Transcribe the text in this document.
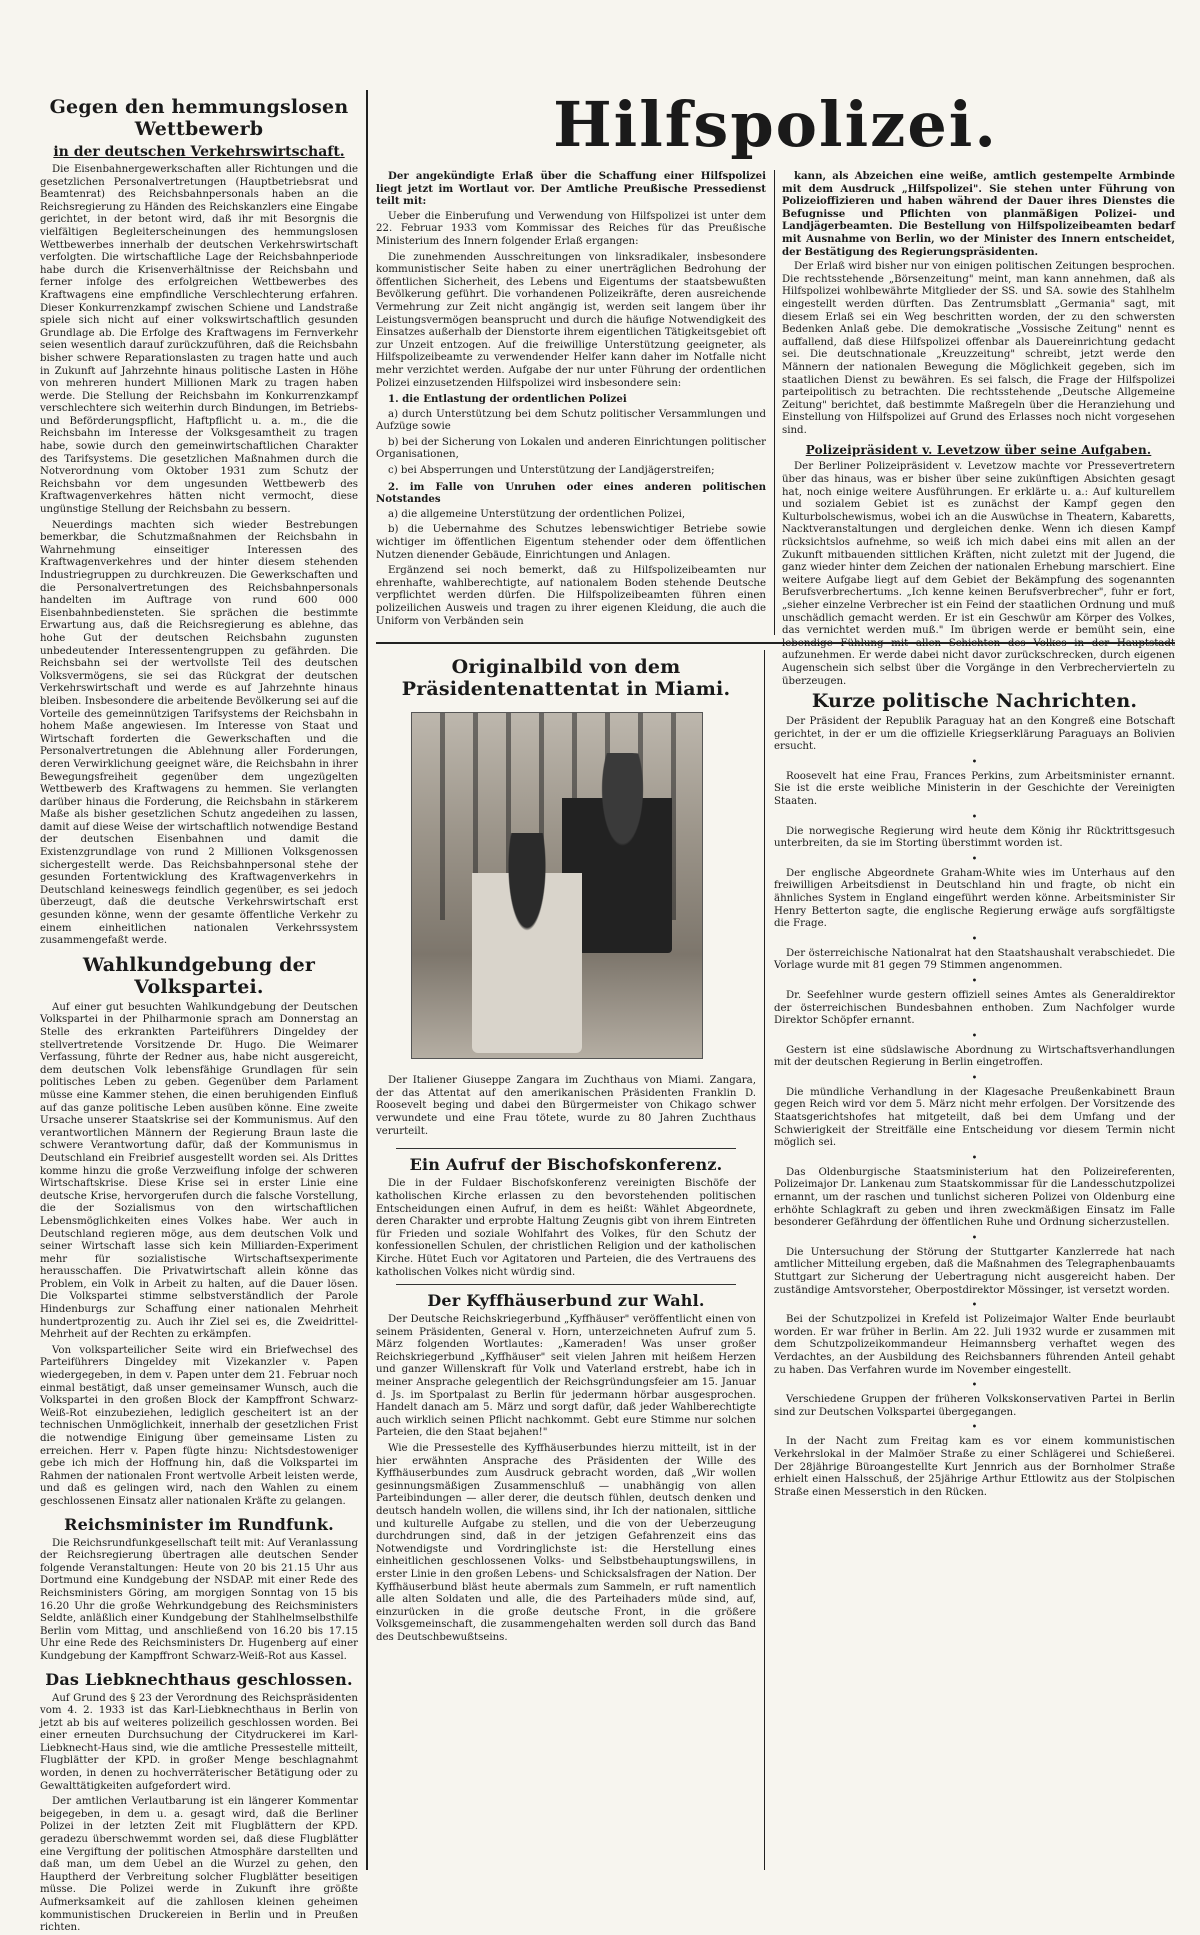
Gegen den hemmungslosen Wettbewerb
in der deutschen Verkehrswirtschaft.

Die Eisenbahnergewerkschaften aller Richtungen und die gesetzlichen Personalvertretungen (Hauptbetriebsrat und Beamtenrat) des Reichsbahnpersonals haben an die Reichsregierung zu Händen des Reichskanzlers eine Eingabe gerichtet, in der betont wird, daß ihr mit Besorgnis die vielfältigen Begleiterscheinungen des hemmungslosen Wettbewerbes innerhalb der deutschen Verkehrswirtschaft verfolgten. Die wirtschaftliche Lage der Reichsbahnperiode habe durch die Krisenverhältnisse der Reichsbahn und ferner infolge des erfolgreichen Wettbewerbes des Kraftwagens eine empfindliche Verschlechterung erfahren. Dieser Konkurrenzkampf zwischen Schiene und Landstraße spiele sich nicht auf einer volkswirtschaftlich gesunden Grundlage ab. Die Erfolge des Kraftwagens im Fernverkehr seien wesentlich darauf zurückzuführen, daß die Reichsbahn bisher schwere Reparationslasten zu tragen hatte und auch in Zukunft auf Jahrzehnte hinaus politische Lasten in Höhe von mehreren hundert Millionen Mark zu tragen haben werde. Die Stellung der Reichsbahn im Konkurrenzkampf verschlechtere sich weiterhin durch Bindungen, im Betriebs- und Beförderungspflicht, Haftpflicht u. a. m., die die Reichsbahn im Interesse der Volksgesamtheit zu tragen habe, sowie durch den gemeinwirtschaftlichen Charakter des Tarifsystems. Die gesetzlichen Maßnahmen durch die Notverordnung vom Oktober 1931 zum Schutz der Reichsbahn vor dem ungesunden Wettbewerb des Kraftwagenverkehres hätten nicht vermocht, diese ungünstige Stellung der Reichsbahn zu bessern.

Neuerdings machten sich wieder Bestrebungen bemerkbar, die Schutzmaßnahmen der Reichsbahn in Wahrnehmung einseitiger Interessen des Kraftwagenverkehres und der hinter diesem stehenden Industriegruppen zu durchkreuzen. Die Gewerkschaften und die Personalvertretungen des Reichsbahnpersonals handelten im Auftrage von rund 600 000 Eisenbahnbediensteten. Sie sprächen die bestimmte Erwartung aus, daß die Reichsregierung es ablehne, das hohe Gut der deutschen Reichsbahn zugunsten unbedeutender Interessentengruppen zu gefährden. Die Reichsbahn sei der wertvollste Teil des deutschen Volksvermögens, sie sei das Rückgrat der deutschen Verkehrswirtschaft und werde es auf Jahrzehnte hinaus bleiben. Insbesondere die arbeitende Bevölkerung sei auf die Vorteile des gemeinnützigen Tarifsystems der Reichsbahn in hohem Maße angewiesen. Im Interesse von Staat und Wirtschaft forderten die Gewerkschaften und die Personalvertretungen die Ablehnung aller Forderungen, deren Verwirklichung geeignet wäre, die Reichsbahn in ihrer Bewegungsfreiheit gegenüber dem ungezügelten Wettbewerb des Kraftwagens zu hemmen. Sie verlangten darüber hinaus die Forderung, die Reichsbahn in stärkerem Maße als bisher gesetzlichen Schutz angedeihen zu lassen, damit auf diese Weise der wirtschaftlich notwendige Bestand der deutschen Eisenbahnen und damit die Existenzgrundlage von rund 2 Millionen Volksgenossen sichergestellt werde. Das Reichsbahnpersonal stehe der gesunden Fortentwicklung des Kraftwagenverkehrs in Deutschland keineswegs feindlich gegenüber, es sei jedoch überzeugt, daß die deutsche Verkehrswirtschaft erst gesunden könne, wenn der gesamte öffentliche Verkehr zu einem einheitlichen nationalen Verkehrssystem zusammengefaßt werde.

Wahlkundgebung der Volkspartei.

Auf einer gut besuchten Wahlkundgebung der Deutschen Volkspartei in der Philharmonie sprach am Donnerstag an Stelle des erkrankten Parteiführers Dingeldey der stellvertretende Vorsitzende Dr. Hugo. Die Weimarer Verfassung, führte der Redner aus, habe nicht ausgereicht, dem deutschen Volk lebensfähige Grundlagen für sein politisches Leben zu geben. Gegenüber dem Parlament müsse eine Kammer stehen, die einen beruhigenden Einfluß auf das ganze politische Leben ausüben könne. Eine zweite Ursache unserer Staatskrise sei der Kommunismus. Auf den verantwortlichen Männern der Regierung Braun laste die schwere Verantwortung dafür, daß der Kommunismus in Deutschland ein Freibrief ausgestellt worden sei. Als Drittes komme hinzu die große Verzweiflung infolge der schweren Wirtschaftskrise. Diese Krise sei in erster Linie eine deutsche Krise, hervorgerufen durch die falsche Vorstellung, die der Sozialismus von den wirtschaftlichen Lebensmöglichkeiten eines Volkes habe. Wer auch in Deutschland regieren möge, aus dem deutschen Volk und seiner Wirtschaft lasse sich kein Milliarden-Experiment mehr für sozialistische Wirtschaftsexperimente herausschaffen. Die Privatwirtschaft allein könne das Problem, ein Volk in Arbeit zu halten, auf die Dauer lösen. Die Volkspartei stimme selbstverständlich der Parole Hindenburgs zur Schaffung einer nationalen Mehrheit hundertprozentig zu. Auch ihr Ziel sei es, die Zweidrittel-Mehrheit auf der Rechten zu erkämpfen.

Von volksparteilicher Seite wird ein Briefwechsel des Parteiführers Dingeldey mit Vizekanzler v. Papen wiedergegeben, in dem v. Papen unter dem 21. Februar noch einmal bestätigt, daß unser gemeinsamer Wunsch, auch die Volkspartei in den großen Block der Kampffront Schwarz-Weiß-Rot einzubeziehen, lediglich gescheitert ist an der technischen Unmöglichkeit, innerhalb der gesetzlichen Frist die notwendige Einigung über gemeinsame Listen zu erreichen. Herr v. Papen fügte hinzu: Nichtsdestoweniger gebe ich mich der Hoffnung hin, daß die Volkspartei im Rahmen der nationalen Front wertvolle Arbeit leisten werde, und daß es gelingen wird, nach den Wahlen zu einem geschlossenen Einsatz aller nationalen Kräfte zu gelangen.

Reichsminister im Rundfunk.

Die Reichsrundfunkgesellschaft teilt mit: Auf Veranlassung der Reichsregierung übertragen alle deutschen Sender folgende Veranstaltungen: Heute von 20 bis 21.15 Uhr aus Dortmund eine Kundgebung der NSDAP. mit einer Rede des Reichsministers Göring, am morgigen Sonntag von 15 bis 16.20 Uhr die große Wehrkundgebung des Reichsministers Seldte, anläßlich einer Kundgebung der Stahlhelmselbsthilfe Berlin vom Mittag, und anschließend von 16.20 bis 17.15 Uhr eine Rede des Reichsministers Dr. Hugenberg auf einer Kundgebung der Kampffront Schwarz-Weiß-Rot aus Kassel.

Das Liebknechthaus geschlossen.

Auf Grund des § 23 der Verordnung des Reichspräsidenten vom 4. 2. 1933 ist das Karl-Liebknechthaus in Berlin von jetzt ab bis auf weiteres polizeilich geschlossen worden. Bei einer erneuten Durchsuchung der Citydruckerei im Karl-Liebknecht-Haus sind, wie die amtliche Pressestelle mitteilt, Flugblätter der KPD. in großer Menge beschlagnahmt worden, in denen zu hochverräterischer Betätigung oder zu Gewalttätigkeiten aufgefordert wird.

Der amtlichen Verlautbarung ist ein längerer Kommentar beigegeben, in dem u. a. gesagt wird, daß die Berliner Polizei in der letzten Zeit mit Flugblättern der KPD. geradezu überschwemmt worden sei, daß diese Flugblätter eine Vergiftung der politischen Atmosphäre darstellten und daß man, um dem Uebel an die Wurzel zu gehen, den Hauptherd der Verbreitung solcher Flugblätter beseitigen müsse. Die Polizei werde in Zukunft ihre größte Aufmerksamkeit auf die zahllosen kleinen geheimen kommunistischen Druckereien in Berlin und in Preußen richten.

Hilfspolizei.

Der angekündigte Erlaß über die Schaffung einer Hilfspolizei liegt jetzt im Wortlaut vor. Der Amtliche Preußische Pressedienst teilt mit:

Ueber die Einberufung und Verwendung von Hilfspolizei ist unter dem 22. Februar 1933 vom Kommissar des Reiches für das Preußische Ministerium des Innern folgender Erlaß ergangen:

Die zunehmenden Ausschreitungen von linksradikaler, insbesondere kommunistischer Seite haben zu einer unerträglichen Bedrohung der öffentlichen Sicherheit, des Lebens und Eigentums der staatsbewußten Bevölkerung geführt. Die vorhandenen Polizeikräfte, deren ausreichende Vermehrung zur Zeit nicht angängig ist, werden seit langem über ihr Leistungsvermögen beansprucht und durch die häufige Notwendigkeit des Einsatzes außerhalb der Dienstorte ihrem eigentlichen Tätigkeitsgebiet oft zur Unzeit entzogen. Auf die freiwillige Unterstützung geeigneter, als Hilfspolizeibeamte zu verwendender Helfer kann daher im Notfalle nicht mehr verzichtet werden. Aufgabe der nur unter Führung der ordentlichen Polizei einzusetzenden Hilfspolizei wird insbesondere sein:

1. die Entlastung der ordentlichen Polizei

a) durch Unterstützung bei dem Schutz politischer Versammlungen und Aufzüge sowie

b) bei der Sicherung von Lokalen und anderen Einrichtungen politischer Organisationen,

c) bei Absperrungen und Unterstützung der Landjägerstreifen;

2. im Falle von Unruhen oder eines anderen politischen Notstandes

a) die allgemeine Unterstützung der ordentlichen Polizei,

b) die Uebernahme des Schutzes lebenswichtiger Betriebe sowie wichtiger im öffentlichen Eigentum stehender oder dem öffentlichen Nutzen dienender Gebäude, Einrichtungen und Anlagen.

Ergänzend sei noch bemerkt, daß zu Hilfspolizeibeamten nur ehrenhafte, wahlberechtigte, auf nationalem Boden stehende Deutsche verpflichtet werden dürfen. Die Hilfspolizeibeamten führen einen polizeilichen Ausweis und tragen zu ihrer eigenen Kleidung, die auch die Uniform von Verbänden sein

kann, als Abzeichen eine weiße, amtlich gestempelte Armbinde mit dem Ausdruck „Hilfspolizei". Sie stehen unter Führung von Polizeioffizieren und haben während der Dauer ihres Dienstes die Befugnisse und Pflichten von planmäßigen Polizei- und Landjägerbeamten. Die Bestellung von Hilfspolizeibeamten bedarf mit Ausnahme von Berlin, wo der Minister des Innern entscheidet, der Bestätigung des Regierungspräsidenten.

Der Erlaß wird bisher nur von einigen politischen Zeitungen besprochen. Die rechtsstehende „Börsenzeitung" meint, man kann annehmen, daß als Hilfspolizei wohlbewährte Mitglieder der SS. und SA. sowie des Stahlhelm eingestellt werden dürften. Das Zentrumsblatt „Germania" sagt, mit diesem Erlaß sei ein Weg beschritten worden, der zu den schwersten Bedenken Anlaß gebe. Die demokratische „Vossische Zeitung" nennt es auffallend, daß diese Hilfspolizei offenbar als Dauereinrichtung gedacht sei. Die deutschnationale „Kreuzzeitung" schreibt, jetzt werde den Männern der nationalen Bewegung die Möglichkeit gegeben, sich im staatlichen Dienst zu bewähren. Es sei falsch, die Frage der Hilfspolizei parteipolitisch zu betrachten. Die rechtsstehende „Deutsche Allgemeine Zeitung" berichtet, daß bestimmte Maßregeln über die Heranziehung und Einstellung von Hilfspolizei auf Grund des Erlasses noch nicht vorgesehen sind.

Polizeipräsident v. Levetzow über seine Aufgaben.

Der Berliner Polizeipräsident v. Levetzow machte vor Pressevertretern über das hinaus, was er bisher über seine zukünftigen Absichten gesagt hat, noch einige weitere Ausführungen. Er erklärte u. a.: Auf kulturellem und sozialem Gebiet ist es zunächst der Kampf gegen den Kulturbolschewismus, wobei ich an die Auswüchse in Theatern, Kabaretts, Nacktveranstaltungen und dergleichen denke. Wenn ich diesen Kampf rücksichtslos aufnehme, so weiß ich mich dabei eins mit allen an der Zukunft mitbauenden sittlichen Kräften, nicht zuletzt mit der Jugend, die ganz wieder hinter dem Zeichen der nationalen Erhebung marschiert. Eine weitere Aufgabe liegt auf dem Gebiet der Bekämpfung des sogenannten Berufsverbrechertums. „Ich kenne keinen Berufsverbrecher", fuhr er fort, „sieher einzelne Verbrecher ist ein Feind der staatlichen Ordnung und muß unschädlich gemacht werden. Er ist ein Geschwür am Körper des Volkes, das vernichtet werden muß." Im übrigen werde er bemüht sein, eine aufzunehmen. Er werde dabei nicht davor zurückschrecken, durch eigenen Augenschein sich selbst über die Vorgänge in den Verbrechervierteln zu überzeugen.

Originalbild von dem Präsidentenattentat in Miami.

Der Italiener Giuseppe Zangara im Zuchthaus von Miami. Zangara, der das Attentat auf den amerikanischen Präsidenten Franklin D. Roosevelt beging und dabei den Bürgermeister von Chikago schwer verwundete und eine Frau tötete, wurde zu 80 Jahren Zuchthaus verurteilt.

Ein Aufruf der Bischofskonferenz.

Die in der Fuldaer Bischofskonferenz vereinigten Bischöfe der katholischen Kirche erlassen zu den bevorstehenden politischen Entscheidungen einen Aufruf, in dem es heißt: Wählet Abgeordnete, deren Charakter und erprobte Haltung Zeugnis gibt von ihrem Eintreten für Frieden und soziale Wohlfahrt des Volkes, für den Schutz der konfessionellen Schulen, der christlichen Religion und der katholischen Kirche. Hütet Euch vor Agitatoren und Parteien, die des Vertrauens des katholischen Volkes nicht würdig sind.

Der Kyffhäuserbund zur Wahl.

Der Deutsche Reichskriegerbund „Kyffhäuser" veröffentlicht einen von seinem Präsidenten, General v. Horn, unterzeichneten Aufruf zum 5. März folgenden Wortlautes: „Kameraden! Was unser großer Reichskriegerbund „Kyffhäuser" seit vielen Jahren mit heißem Herzen und ganzer Willenskraft für Volk und Vaterland erstrebt, habe ich in meiner Ansprache gelegentlich der Reichsgründungsfeier am 15. Januar d. Js. im Sportpalast zu Berlin für jedermann hörbar ausgesprochen. Handelt danach am 5. März und sorgt dafür, daß jeder Wahlberechtigte auch wirklich seinen Pflicht nachkommt. Gebt eure Stimme nur solchen Parteien, die den Staat bejahen!"

Wie die Pressestelle des Kyffhäuserbundes hierzu mitteilt, ist in der hier erwähnten Ansprache des Präsidenten der Wille des Kyffhäuserbundes zum Ausdruck gebracht worden, daß „Wir wollen gesinnungsmäßigen Zusammenschluß — unabhängig von allen Parteibindungen — aller derer, die deutsch fühlen, deutsch denken und deutsch handeln wollen, die willens sind, ihr Ich der nationalen, sittliche und kulturelle Aufgabe zu stellen, und die von der Ueberzeugung durchdrungen sind, daß in der jetzigen Gefahrenzeit eins das Notwendigste und Vordringlichste ist: die Herstellung eines einheitlichen geschlossenen Volks- und Selbstbehauptungswillens, in erster Linie in den großen Lebens- und Schicksalsfragen der Nation. Der Kyffhäuserbund bläst heute abermals zum Sammeln, er ruft namentlich alle alten Soldaten und alle, die des Parteihaders müde sind, auf, einzurücken in die große deutsche Front, in die größere Volksgemeinschaft, die zusammengehalten werden soll durch das Band des Deutschbewußtseins.

Kurze politische Nachrichten.

Der Präsident der Republik Paraguay hat an den Kongreß eine Botschaft gerichtet, in der er um die offizielle Kriegserklärung Paraguays an Bolivien ersucht.

•

Roosevelt hat eine Frau, Frances Perkins, zum Arbeitsminister ernannt. Sie ist die erste weibliche Ministerin in der Geschichte der Vereinigten Staaten.

•

Die norwegische Regierung wird heute dem König ihr Rücktrittsgesuch unterbreiten, da sie im Storting überstimmt worden ist.

•

Der englische Abgeordnete Graham-White wies im Unterhaus auf den freiwilligen Arbeitsdienst in Deutschland hin und fragte, ob nicht ein ähnliches System in England eingeführt werden könne. Arbeitsminister Sir Henry Betterton sagte, die englische Regierung erwäge aufs sorgfältigste die Frage.

•

Der österreichische Nationalrat hat den Staatshaushalt verabschiedet. Die Vorlage wurde mit 81 gegen 79 Stimmen angenommen.

•

Dr. Seefehlner wurde gestern offiziell seines Amtes als Generaldirektor der österreichischen Bundesbahnen enthoben. Zum Nachfolger wurde Direktor Schöpfer ernannt.

•

Gestern ist eine südslawische Abordnung zu Wirtschaftsverhandlungen mit der deutschen Regierung in Berlin eingetroffen.

•

Die mündliche Verhandlung in der Klagesache Preußenkabinett Braun gegen Reich wird vor dem 5. März nicht mehr erfolgen. Der Vorsitzende des Staatsgerichtshofes hat mitgeteilt, daß bei dem Umfang und der Schwierigkeit der Streitfälle eine Entscheidung vor diesem Termin nicht möglich sei.

•

Das Oldenburgische Staatsministerium hat den Polizeireferenten, Polizeimajor Dr. Lankenau zum Staatskommissar für die Landesschutzpolizei ernannt, um der raschen und tunlichst sicheren Polizei von Oldenburg eine erhöhte Schlagkraft zu geben und ihren zweckmäßigen Einsatz im Falle besonderer Gefährdung der öffentlichen Ruhe und Ordnung sicherzustellen.

•

Die Untersuchung der Störung der Stuttgarter Kanzlerrede hat nach amtlicher Mitteilung ergeben, daß die Maßnahmen des Telegraphenbauamts Stuttgart zur Sicherung der Uebertragung nicht ausgereicht haben. Der zuständige Amtsvorsteher, Oberpostdirektor Mössinger, ist versetzt worden.

•

Bei der Schutzpolizei in Krefeld ist Polizeimajor Walter Ende beurlaubt worden. Er war früher in Berlin. Am 22. Juli 1932 wurde er zusammen mit dem Schutzpolizeikommandeur Heimannsberg verhaftet wegen des Verdachtes, an der Ausbildung des Reichsbanners führenden Anteil gehabt zu haben. Das Verfahren wurde im November eingestellt.

•

Verschiedene Gruppen der früheren Volkskonservativen Partei in Berlin sind zur Deutschen Volkspartei übergegangen.

•

In der Nacht zum Freitag kam es vor einem kommunistischen Verkehrslokal in der Malmöer Straße zu einer Schlägerei und Schießerei. Der 28jährige Büroangestellte Kurt Jennrich aus der Bornholmer Straße erhielt einen Halsschuß, der 25jährige Arthur Ettlowitz aus der Stolpischen Straße einen Messerstich in den Rücken.
